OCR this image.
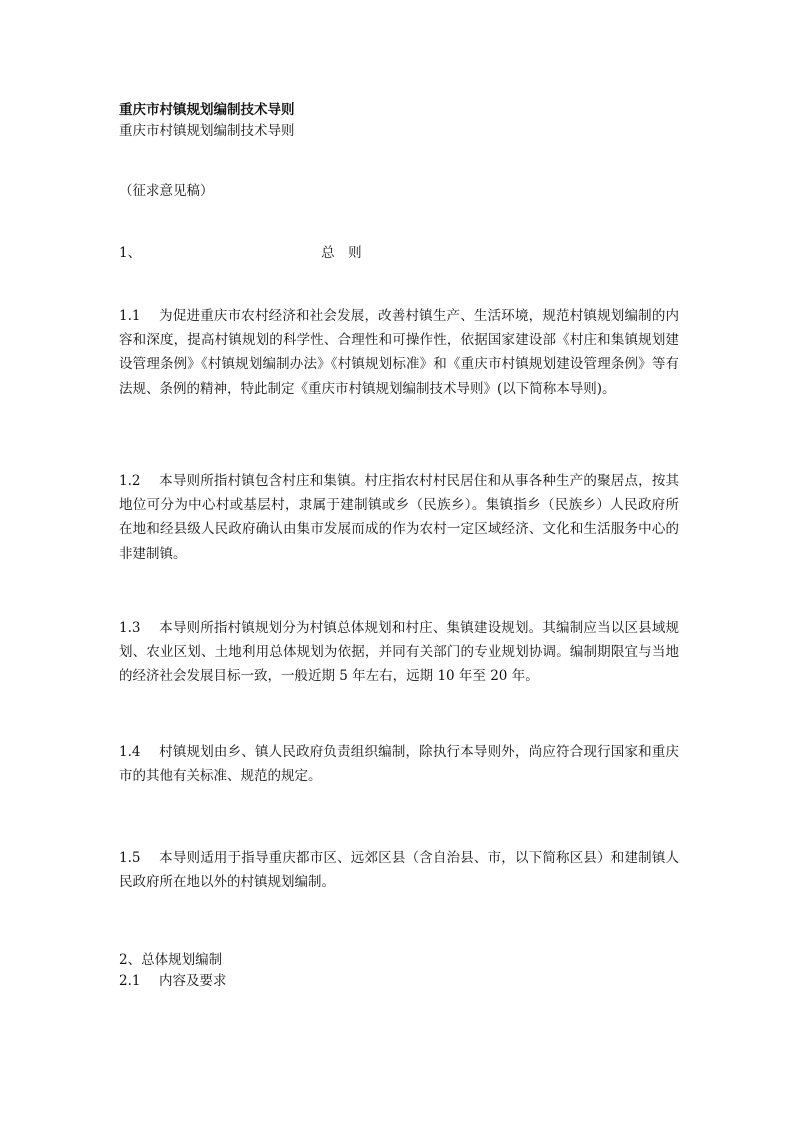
重庆市村镇规划编制技术导则
重庆市村镇规划编制技术导则
（征求意见稿）
1、	总　则
1.1 为促进重庆市农村经济和社会发展，改善村镇生产、生活环境，规范村镇规划编制的内容和深度，提高村镇规划的科学性、合理性和可操作性，依据国家建设部《村庄和集镇规划建设管理条例》《村镇规划编制办法》《村镇规划标准》和《重庆市村镇规划建设管理条例》等有法规、条例的精神，特此制定《重庆市村镇规划编制技术导则》(以下简称本导则)。
1.2 本导则所指村镇包含村庄和集镇。村庄指农村村民居住和从事各种生产的聚居点，按其地位可分为中心村或基层村，隶属于建制镇或乡（民族乡）。集镇指乡（民族乡）人民政府所在地和经县级人民政府确认由集市发展而成的作为农村一定区域经济、文化和生活服务中心的非建制镇。
1.3 本导则所指村镇规划分为村镇总体规划和村庄、集镇建设规划。其编制应当以区县域规划、农业区划、土地利用总体规划为依据，并同有关部门的专业规划协调。编制期限宜与当地的经济社会发展目标一致，一般近期 5 年左右，远期 10 年至 20 年。
1.4 村镇规划由乡、镇人民政府负责组织编制，除执行本导则外，尚应符合现行国家和重庆市的其他有关标准、规范的规定。
1.5 本导则适用于指导重庆都市区、远郊区县（含自治县、市，以下简称区县）和建制镇人民政府所在地以外的村镇规划编制。
2、总体规划编制
2.1 内容及要求
